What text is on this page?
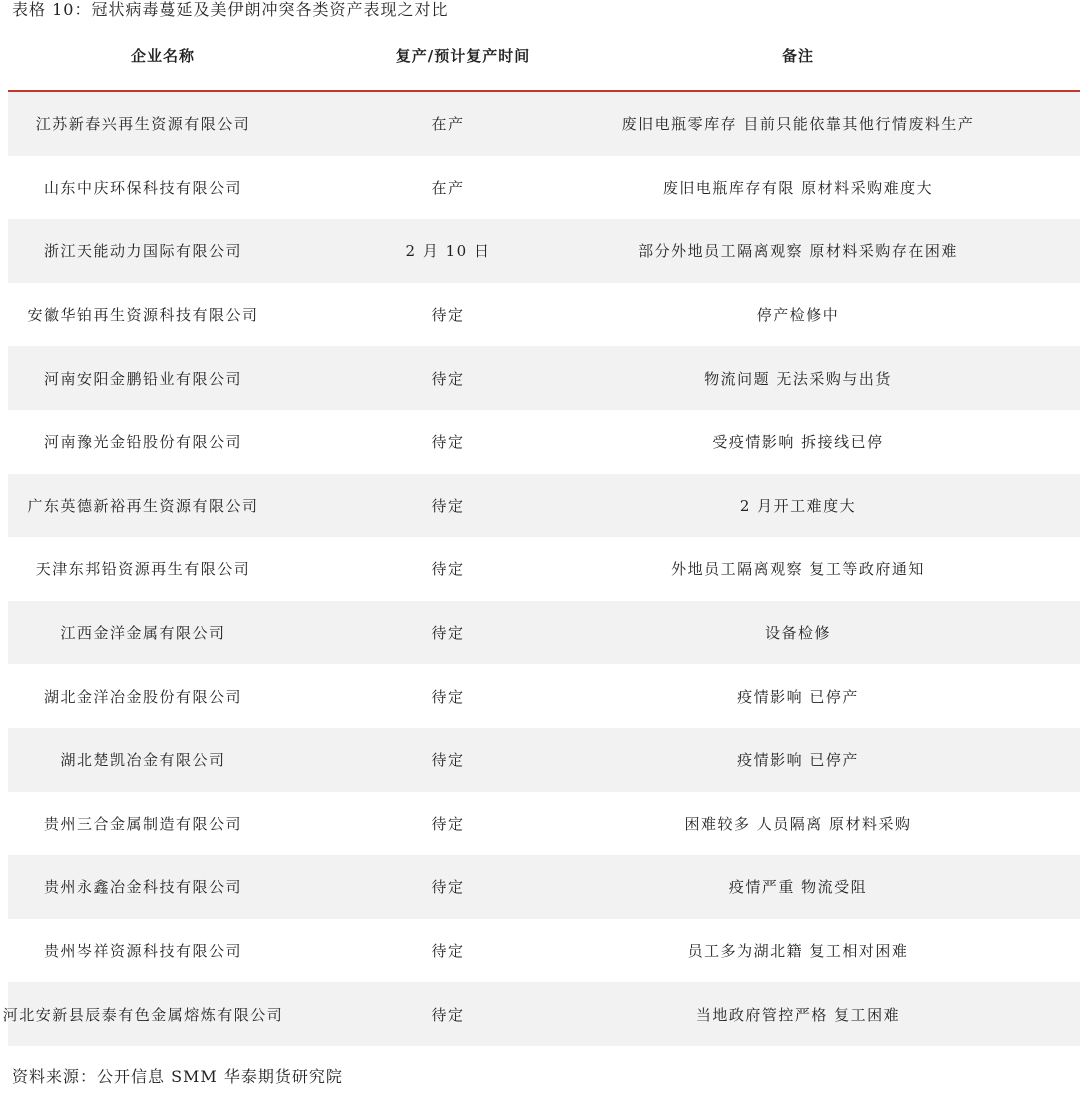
表格 10：冠状病毒蔓延及美伊朗冲突各类资产表现之对比
企业名称	复产/预计复产时间	备注
江苏新春兴再生资源有限公司	在产	废旧电瓶零库存 目前只能依靠其他行情废料生产
山东中庆环保科技有限公司	在产	废旧电瓶库存有限 原材料采购难度大
浙江天能动力国际有限公司	2 月 10 日	部分外地员工隔离观察 原材料采购存在困难
安徽华铂再生资源科技有限公司	待定	停产检修中
河南安阳金鹏铅业有限公司	待定	物流问题 无法采购与出货
河南豫光金铅股份有限公司	待定	受疫情影响 拆接线已停
广东英德新裕再生资源有限公司	待定	2 月开工难度大
天津东邦铅资源再生有限公司	待定	外地员工隔离观察 复工等政府通知
江西金洋金属有限公司	待定	设备检修
湖北金洋冶金股份有限公司	待定	疫情影响 已停产
湖北楚凯冶金有限公司	待定	疫情影响 已停产
贵州三合金属制造有限公司	待定	困难较多 人员隔离 原材料采购
贵州永鑫冶金科技有限公司	待定	疫情严重 物流受阻
贵州岑祥资源科技有限公司	待定	员工多为湖北籍 复工相对困难
河北安新县辰泰有色金属熔炼有限公司	待定	当地政府管控严格 复工困难
资料来源：公开信息 SMM 华泰期货研究院
